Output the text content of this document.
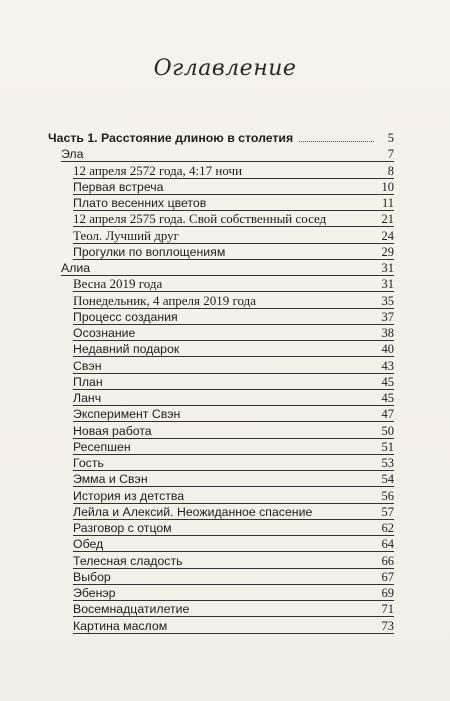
Оглавление
Часть 1. Расстояние длиною в столетия	5
Эла	7
12 апреля 2572 года, 4:17 ночи	8
Первая встреча	10
Плато весенних цветов	11
12 апреля 2575 года. Свой собственный сосед	21
Теол. Лучший друг	24
Прогулки по воплощениям	29
Алиа	31
Весна 2019 года	31
Понедельник, 4 апреля 2019 года	35
Процесс создания	37
Осознание	38
Недавний подарок	40
Свэн	43
План	45
Ланч	45
Эксперимент Свэн	47
Новая работа	50
Ресепшен	51
Гость	53
Эмма и Свэн	54
История из детства	56
Лейла и Алексий. Неожиданное спасение	57
Разговор с отцом	62
Обед	64
Телесная сладость	66
Выбор	67
Эбенэр	69
Восемнадцатилетие	71
Картина маслом	73
